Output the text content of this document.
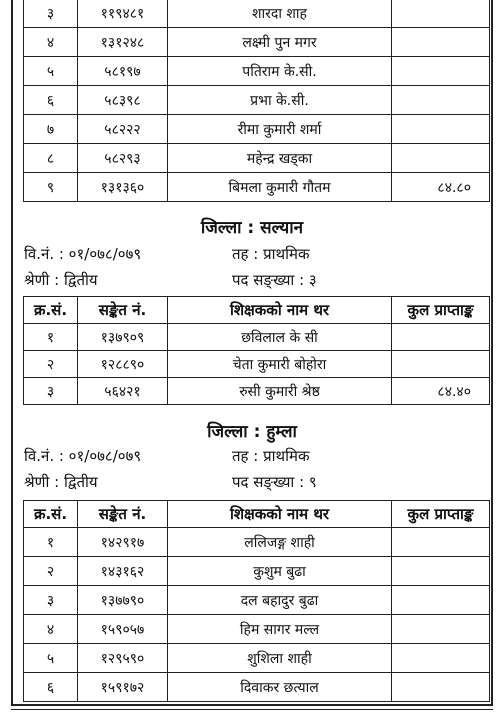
३	११९४८१	शारदा शाह	
४	१३१२४८	लक्ष्मी पुन मगर	
५	५८१९७	पतिराम के.सी.	
६	५८३९८	प्रभा के.सी.	
७	५८२२२	रीमा कुमारी शर्मा	
८	५८२९३	महेन्द्र खड्का	
९	१३१३६०	बिमला कुमारी गौतम	८४.८०
जिल्ला : सल्यान
वि.नं. : ०१/०७८/०७९	तह : प्राथमिक
श्रेणी : द्वितीय	पद सङ्ख्या : ३
क्र.सं.	सङ्केत नं.	शिक्षकको नाम थर	कुल प्राप्ताङ्क
१	१३७९०९	छविलाल के सी	
२	१२८८९०	चेता कुमारी बोहोरा	
३	५६४२१	रुसी कुमारी श्रेष्ठ	८४.४०
जिल्ला : हुम्ला
वि.नं. : ०१/०७८/०७९	तह : प्राथमिक
श्रेणी : द्वितीय	पद सङ्ख्या : ९
क्र.सं.	सङ्केत नं.	शिक्षकको नाम थर	कुल प्राप्ताङ्क
१	१४२९१७	ललिजङ्ग शाही	
२	१४३१६२	कुशुम बुढा	
३	१३७७९०	दल बहादुर बुढा	
४	१५९०५७	हिम सागर मल्ल	
५	१२९५९०	शुशिला शाही	
६	१५९१७२	दिवाकर छत्याल	
